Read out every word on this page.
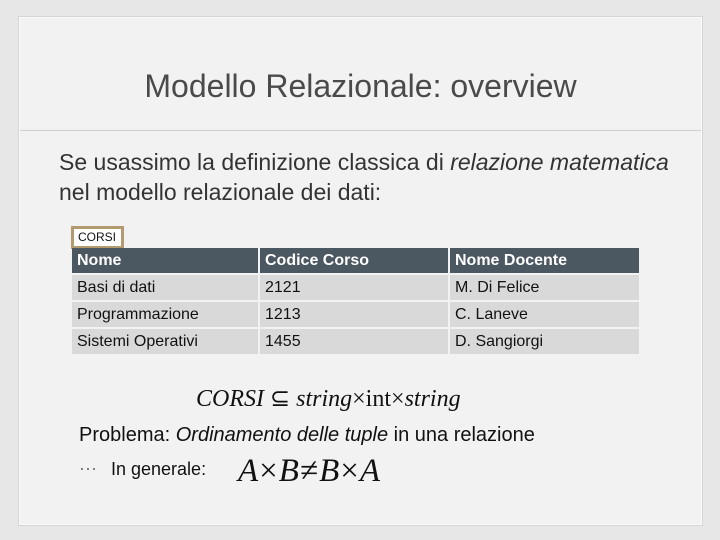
Modello Relazionale: overview
Se usassimo la definizione classica di relazione matematica nel modello relazionale dei dati:
CORSI
Nome	Codice Corso	Nome Docente
Basi di dati	2121	M. Di Felice
Programmazione	1213	C. Laneve
Sistemi Operativi	1455	D. Sangiorgi
CORSI ⊆ string×int×string
Problema: Ordinamento delle tuple in una relazione
⋯ In generale: A×B≠B×A
